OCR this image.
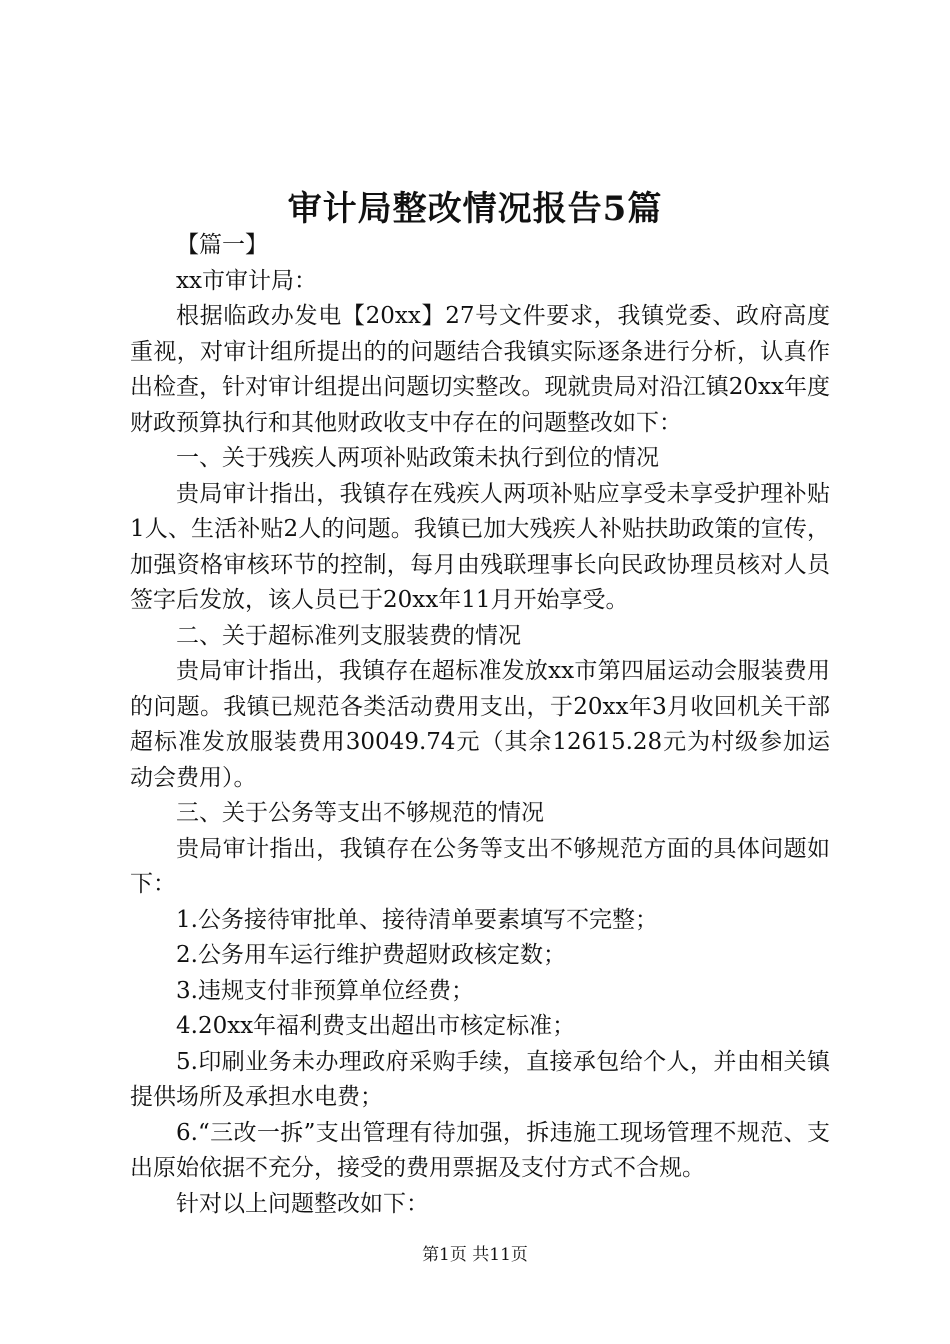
审计局整改情况报告5篇

【篇一】

xx市审计局：

根据临政办发电【20xx】27号文件要求，我镇党委、政府高度重视，对审计组所提出的的问题结合我镇实际逐条进行分析，认真作出检查，针对审计组提出问题切实整改。现就贵局对沿江镇20xx年度财政预算执行和其他财政收支中存在的问题整改如下：

一、关于残疾人两项补贴政策未执行到位的情况

贵局审计指出，我镇存在残疾人两项补贴应享受未享受护理补贴1人、生活补贴2人的问题。我镇已加大残疾人补贴扶助政策的宣传，加强资格审核环节的控制，每月由残联理事长向民政协理员核对人员签字后发放，该人员已于20xx年11月开始享受。

二、关于超标准列支服装费的情况

贵局审计指出，我镇存在超标准发放xx市第四届运动会服装费用的问题。我镇已规范各类活动费用支出，于20xx年3月收回机关干部超标准发放服装费用30049.74元（其余12615.28元为村级参加运动会费用）。

三、关于公务等支出不够规范的情况

贵局审计指出，我镇存在公务等支出不够规范方面的具体问题如下：

1.公务接待审批单、接待清单要素填写不完整；

2.公务用车运行维护费超财政核定数；

3.违规支付非预算单位经费；

4.20xx年福利费支出超出市核定标准；

5.印刷业务未办理政府采购手续，直接承包给个人，并由相关镇提供场所及承担水电费；

6.“三改一拆”支出管理有待加强，拆违施工现场管理不规范、支出原始依据不充分，接受的费用票据及支付方式不合规。

针对以上问题整改如下：

第1页 共11页
